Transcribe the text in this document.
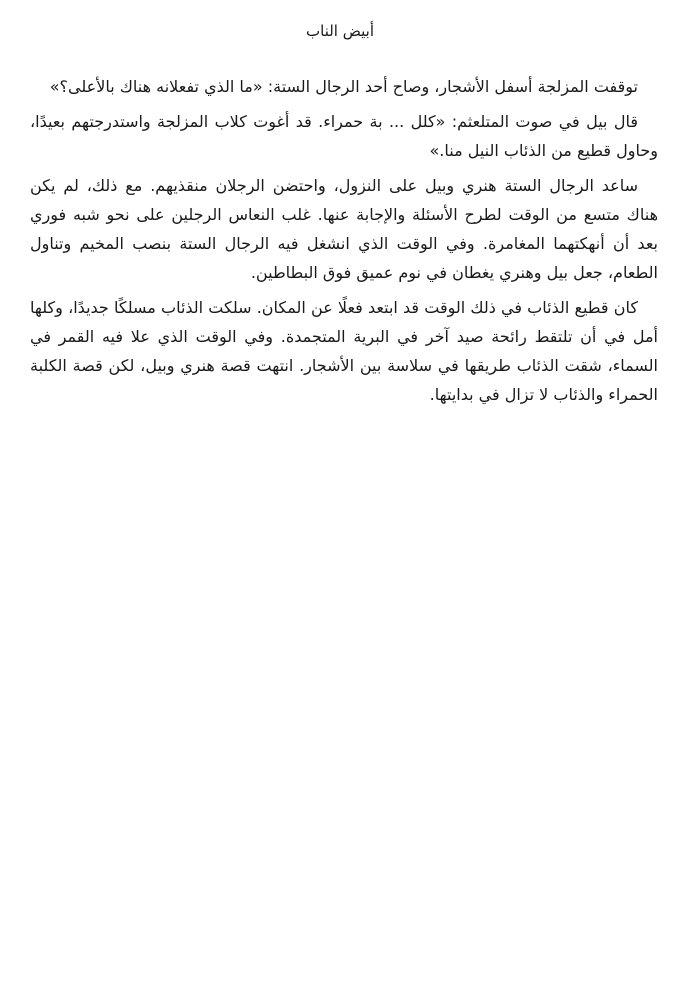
أبيض الناب

توقفت المزلجة أسفل الأشجار، وصاح أحد الرجال الستة: «ما الذي تفعلانه هناك بالأعلى؟»

قال بيل في صوت المتلعثم: «كلل ... بة حمراء. قد أغوت كلاب المزلجة واستدرجتهم بعيدًا، وحاول قطيع من الذئاب النيل منا.»

ساعد الرجال الستة هنري وبيل على النزول، واحتضن الرجلان منقذيهم. مع ذلك، لم يكن هناك متسع من الوقت لطرح الأسئلة والإجابة عنها. غلب النعاس الرجلين على نحو شبه فوري بعد أن أنهكتهما المغامرة. وفي الوقت الذي انشغل فيه الرجال الستة بنصب المخيم وتناول الطعام، جعل بيل وهنري يغطان في نوم عميق فوق البطاطين.

كان قطيع الذئاب في ذلك الوقت قد ابتعد فعلًا عن المكان. سلكت الذئاب مسلكًا جديدًا، وكلها أمل في أن تلتقط رائحة صيد آخر في البرية المتجمدة. وفي الوقت الذي علا فيه القمر في السماء، شقت الذئاب طريقها في سلاسة بين الأشجار. انتهت قصة هنري وبيل، لكن قصة الكلبة الحمراء والذئاب لا تزال في بدايتها.
